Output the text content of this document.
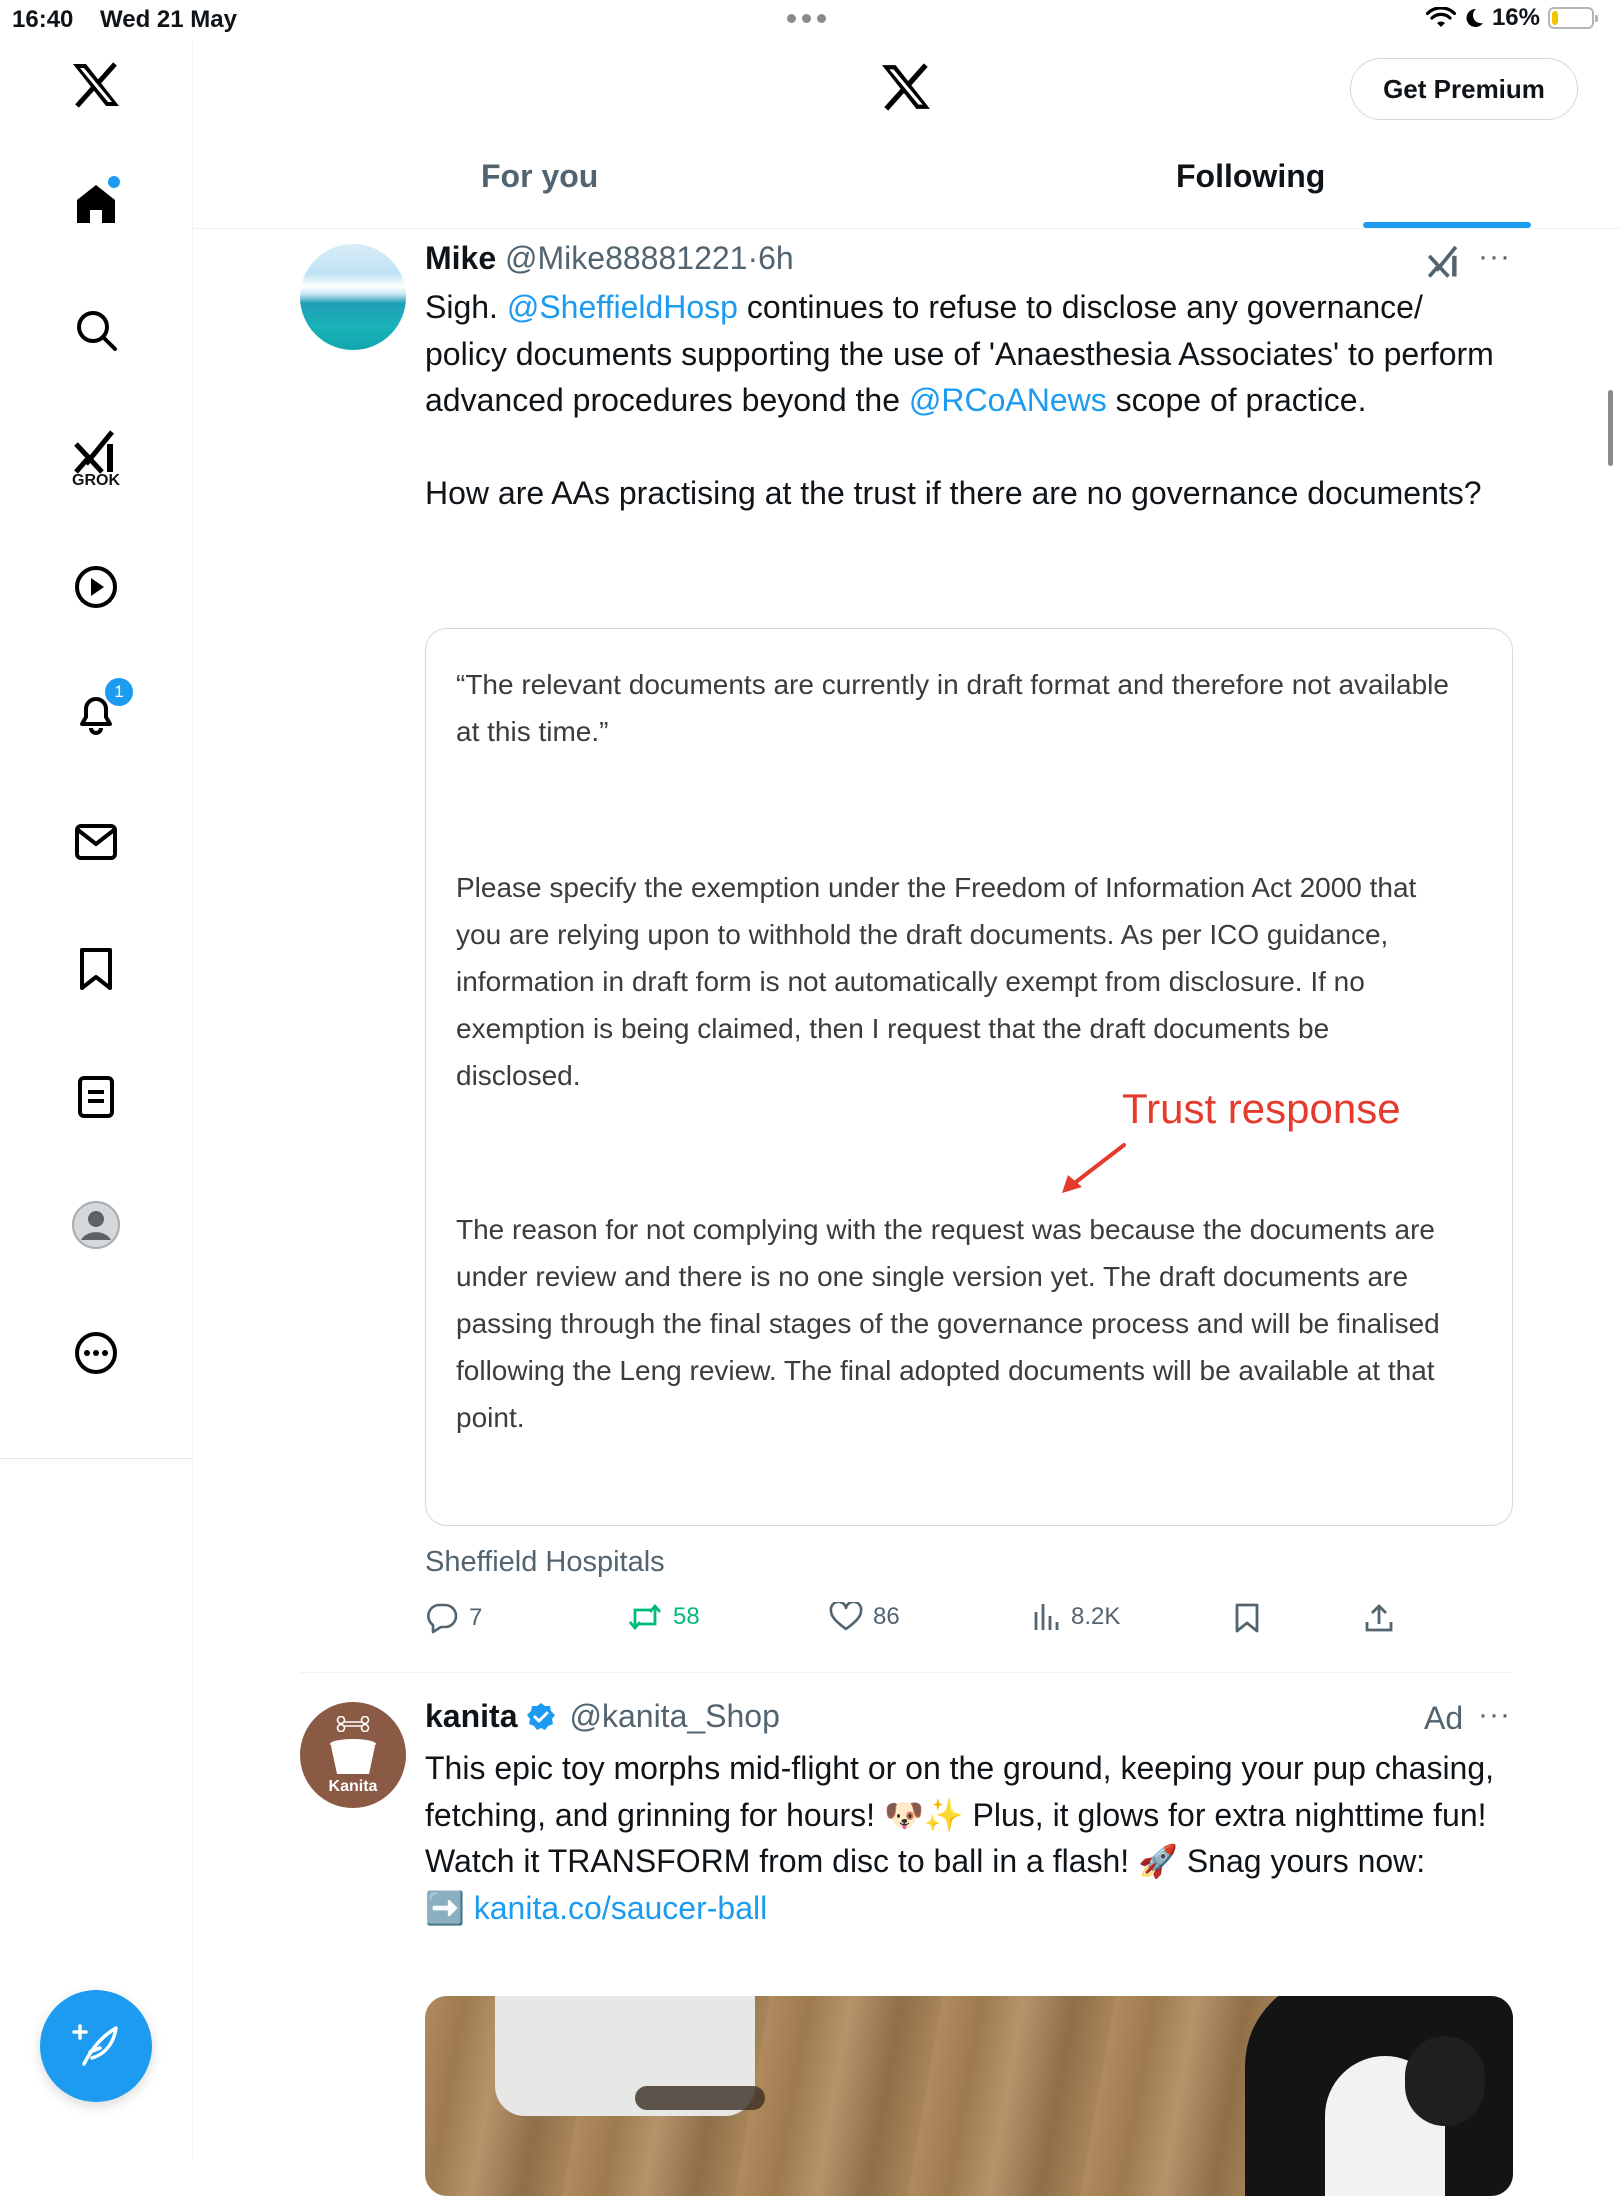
16:40 Wed 21 May	16%
GROK
1
Get Premium
For you	Following
Mike @Mike88881221·6h	···

Sigh. @SheffieldHosp continues to refuse to disclose any governance/ policy documents supporting the use of 'Anaesthesia Associates' to perform advanced procedures beyond the @RCoANews scope of practice.

How are AAs practising at the trust if there are no governance documents?

“The relevant documents are currently in draft format and therefore not available at this time.”
Please specify the exemption under the Freedom of Information Act 2000 that you are relying upon to withhold the draft documents. As per ICO guidance, information in draft form is not automatically exempt from disclosure. If no exemption is being claimed, then I request that the draft documents be disclosed.
Trust response
The reason for not complying with the request was because the documents are under review and there is no one single version yet. The draft documents are passing through the final stages of the governance process and will be finalised following the Leng review. The final adopted documents will be available at that point.
Sheffield Hospitals
7	58	86	8.2K
Kanita
kanita @kanita_Shop	Ad ···

This epic toy morphs mid-flight or on the ground, keeping your pup chasing, fetching, and grinning for hours! 🐶✨ Plus, it glows for extra nighttime fun!

Watch it TRANSFORM from disc to ball in a flash! 🚀 Snag yours now:

➡️ kanita.co/saucer-ball
